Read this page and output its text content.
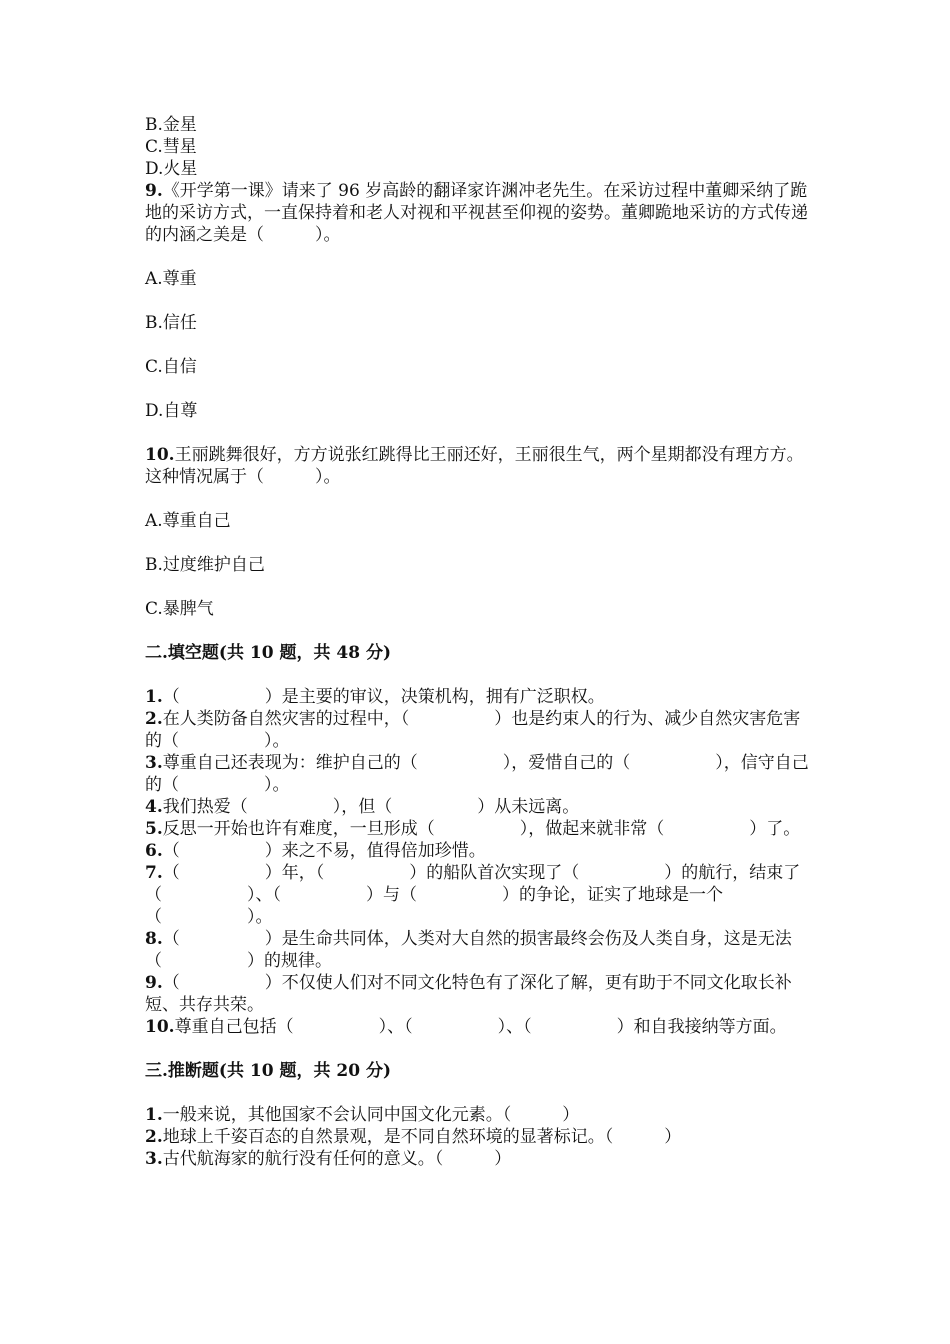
B.金星
C.彗星
D.火星
9.《开学第一课》请来了 96 岁高龄的翻译家许渊冲老先生。在采访过程中董卿采纳了跪地的采访方式，一直保持着和老人对视和平视甚至仰视的姿势。董卿跪地采访的方式传递的内涵之美是（　　　）。
A.尊重
B.信任
C.自信
D.自尊
10.王丽跳舞很好，方方说张红跳得比王丽还好，王丽很生气，两个星期都没有理方方。这种情况属于（　　　）。
A.尊重自己
B.过度维护自己
C.暴脾气
二.填空题(共 10 题，共 48 分)
1.（　　　　　）是主要的审议，决策机构，拥有广泛职权。
2.在人类防备自然灾害的过程中，（　　　　　）也是约束人的行为、减少自然灾害危害的（　　　　　）。
3.尊重自己还表现为：维护自己的（　　　　　），爱惜自己的（　　　　　），信守自己的（　　　　　）。
4.我们热爱（　　　　　），但（　　　　　）从未远离。
5.反思一开始也许有难度，一旦形成（　　　　　），做起来就非常（　　　　　）了。
6.（　　　　　）来之不易，值得倍加珍惜。
7.（　　　　　）年，（　　　　　）的船队首次实现了（　　　　　）的航行，结束了（　　　　　）、（　　　　　）与（　　　　　）的争论，证实了地球是一个（　　　　　）。
8.（　　　　　）是生命共同体，人类对大自然的损害最终会伤及人类自身，这是无法（　　　　　）的规律。
9.（　　　　　）不仅使人们对不同文化特色有了深化了解，更有助于不同文化取长补短、共存共荣。
10.尊重自己包括（　　　　　）、（　　　　　）、（　　　　　）和自我接纳等方面。
三.推断题(共 10 题，共 20 分)
1.一般来说，其他国家不会认同中国文化元素。（　　　）
2.地球上千姿百态的自然景观，是不同自然环境的显著标记。（　　　）
3.古代航海家的航行没有任何的意义。（　　　）
